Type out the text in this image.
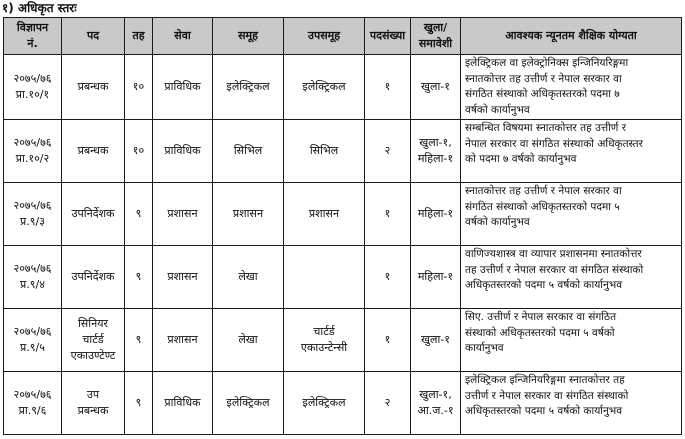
१) अधिकृत स्तरः
विज्ञापन
नं.	पद	तह	सेवा	समूह	उपसमूह	पदसंख्या	खुला/
समावेशी	आवश्यक न्यूनतम शैक्षिक योग्यता

२०७५/७६
प्रा.१०/१	प्रबन्धक	१०	प्राविधिक	इलेक्ट्रिकल	इलेक्ट्रिकल	१	खुला-१	इलेक्ट्रिकल वा इलेक्ट्रोनिक्स इन्जिनियरिङ्गमा
स्नातकोत्तर तह उत्तीर्ण र नेपाल सरकार वा
संगठित संस्थाको अधिकृतस्तरको पदमा ७
वर्षको कार्यानुभव

२०७५/७६
प्रा.१०/२	प्रबन्धक	१०	प्राविधिक	सिभिल	सिभिल	२	खुला-१,
महिला-१	सम्बन्धित विषयमा स्नातकोत्तर तह उत्तीर्ण र
नेपाल सरकार वा संगठित संस्थाको अधिकृतस्तर
को पदमा ७ वर्षको कार्यानुभव

२०७५/७६
प्र.९/३	उपनिर्देशक	९	प्रशासन	प्रशासन	प्रशासन	१	महिला-१	स्नातकोत्तर तह उत्तीर्ण र नेपाल सरकार वा
संगठित संस्थाको अधिकृतस्तरको पदमा ५
वर्षको कार्यानुभव

२०७५/७६
प्र.९/४	उपनिर्देशक	९	प्रशासन	लेखा		१	महिला-१	वाणिज्यशास्त्र वा व्यापार प्रशासनमा स्नातकोत्तर
तह उत्तीर्ण र नेपाल सरकार वा संगठित संस्थाको
अधिकृतस्तरको पदमा ५ वर्षको कार्यानुभव

२०७५/७६
प्र.९/५	सिनियर
चार्टर्ड
एकाउण्टेण्ट	९	प्रशासन	लेखा	चार्टर्ड
एकाउन्टेन्सी	१	खुला-१	सिए. उत्तीर्ण र नेपाल सरकार वा संगठित
संस्थाको अधिकृतस्तरको पदमा ५ वर्षको
कार्यानुभव

२०७५/७६
प्रा.९/६	उप
प्रबन्धक	९	प्राविधिक	इलेक्ट्रिकल	इलेक्ट्रिकल	२	खुला-१,
आ.ज.-१	इलेक्ट्रिकल इन्जिनियरिङ्गमा स्नातकोत्तर तह
उत्तीर्ण र नेपाल सरकार वा संगठित संस्थाको
अधिकृतस्तरको पदमा ५ वर्षको कार्यानुभव
